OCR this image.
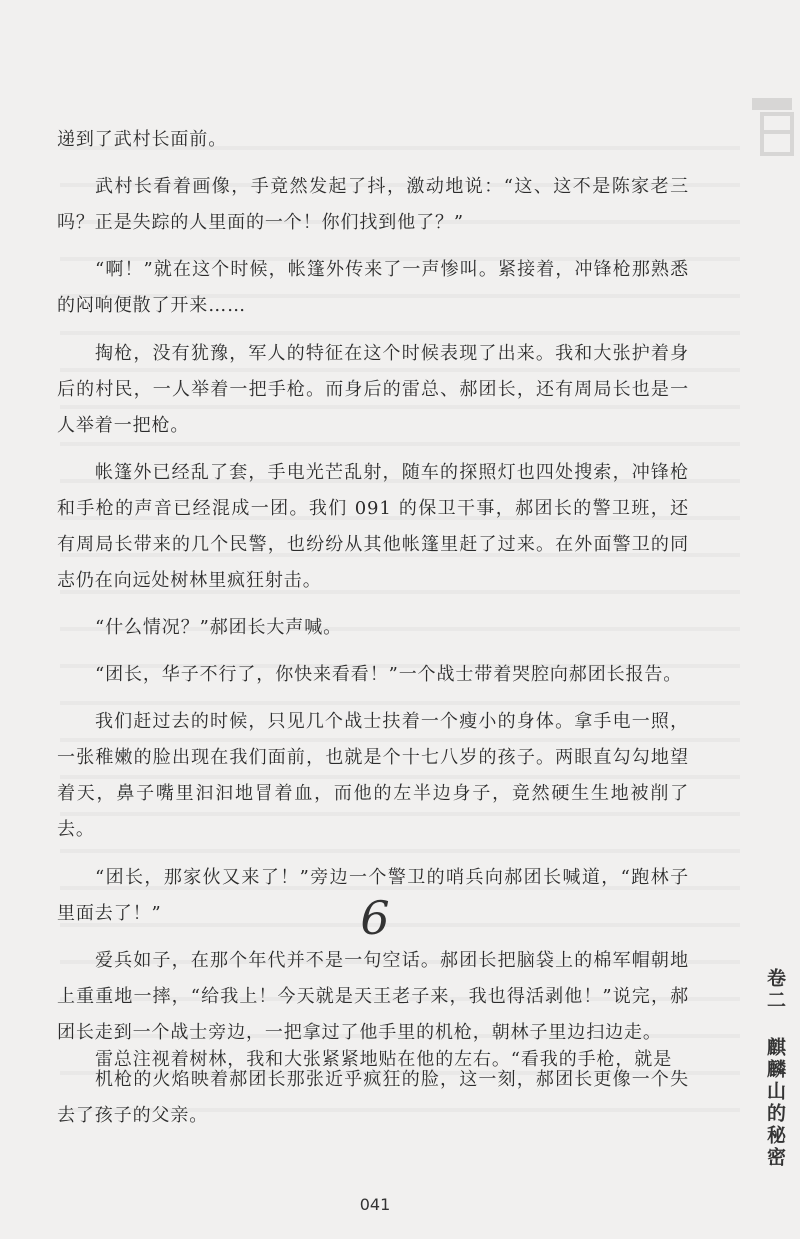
递到了武村长面前。

武村长看着画像，手竟然发起了抖，激动地说：“这、这不是陈家老三吗？正是失踪的人里面的一个！你们找到他了？”

“啊！”就在这个时候，帐篷外传来了一声惨叫。紧接着，冲锋枪那熟悉的闷响便散了开来……

掏枪，没有犹豫，军人的特征在这个时候表现了出来。我和大张护着身后的村民，一人举着一把手枪。而身后的雷总、郝团长，还有周局长也是一人举着一把枪。

帐篷外已经乱了套，手电光芒乱射，随车的探照灯也四处搜索，冲锋枪和手枪的声音已经混成一团。我们 091 的保卫干事，郝团长的警卫班，还有周局长带来的几个民警，也纷纷从其他帐篷里赶了过来。在外面警卫的同志仍在向远处树林里疯狂射击。

“什么情况？”郝团长大声喊。

“团长，华子不行了，你快来看看！”一个战士带着哭腔向郝团长报告。

我们赶过去的时候，只见几个战士扶着一个瘦小的身体。拿手电一照，一张稚嫩的脸出现在我们面前，也就是个十七八岁的孩子。两眼直勾勾地望着天，鼻子嘴里汩汩地冒着血，而他的左半边身子，竟然硬生生地被削了去。

“团长，那家伙又来了！”旁边一个警卫的哨兵向郝团长喊道，“跑林子里面去了！”

爱兵如子，在那个年代并不是一句空话。郝团长把脑袋上的棉军帽朝地上重重地一摔，“给我上！今天就是天王老子来，我也得活剥他！”说完，郝团长走到一个战士旁边，一把拿过了他手里的机枪，朝林子里边扫边走。

机枪的火焰映着郝团长那张近乎疯狂的脸，这一刻，郝团长更像一个失去了孩子的父亲。

6

雷总注视着树林，我和大张紧紧地贴在他的左右。“看我的手枪，就是	卷二 麒麟山的秘密
041
